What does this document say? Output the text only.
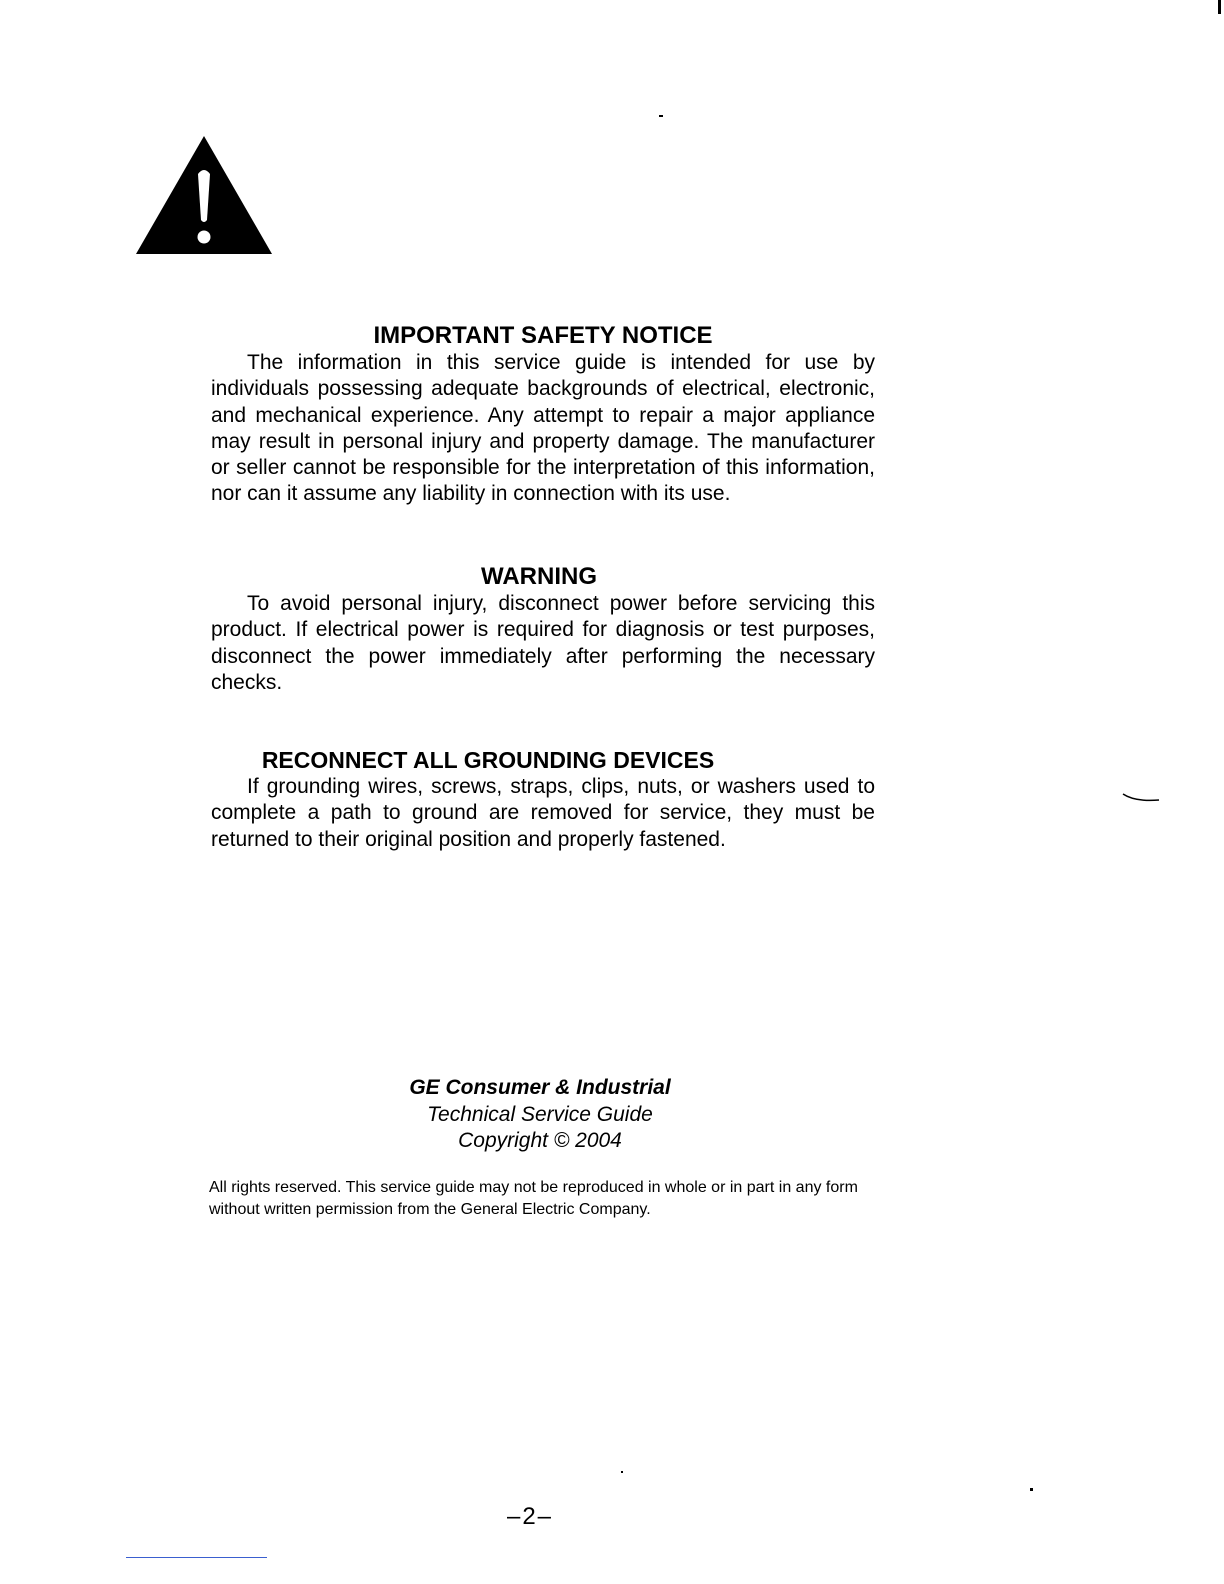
IMPORTANT SAFETY NOTICE

The information in this service guide is intended for use by individuals possessing adequate backgrounds of electrical, electronic, and mechanical experience. Any attempt to repair a major appliance may result in personal injury and property damage. The manufacturer or seller cannot be responsible for the interpretation of this information, nor can it assume any liability in connection with its use.

WARNING

To avoid personal injury, disconnect power before servicing this product. If electrical power is required for diagnosis or test purposes, disconnect the power immediately after performing the necessary checks.

RECONNECT ALL GROUNDING DEVICES

If grounding wires, screws, straps, clips, nuts, or washers used to complete a path to ground are removed for service, they must be returned to their original position and properly fastened.

GE Consumer & Industrial
Technical Service Guide
Copyright © 2004

All rights reserved. This service guide may not be reproduced in whole or in part in any form without written permission from the General Electric Company.

–2–
